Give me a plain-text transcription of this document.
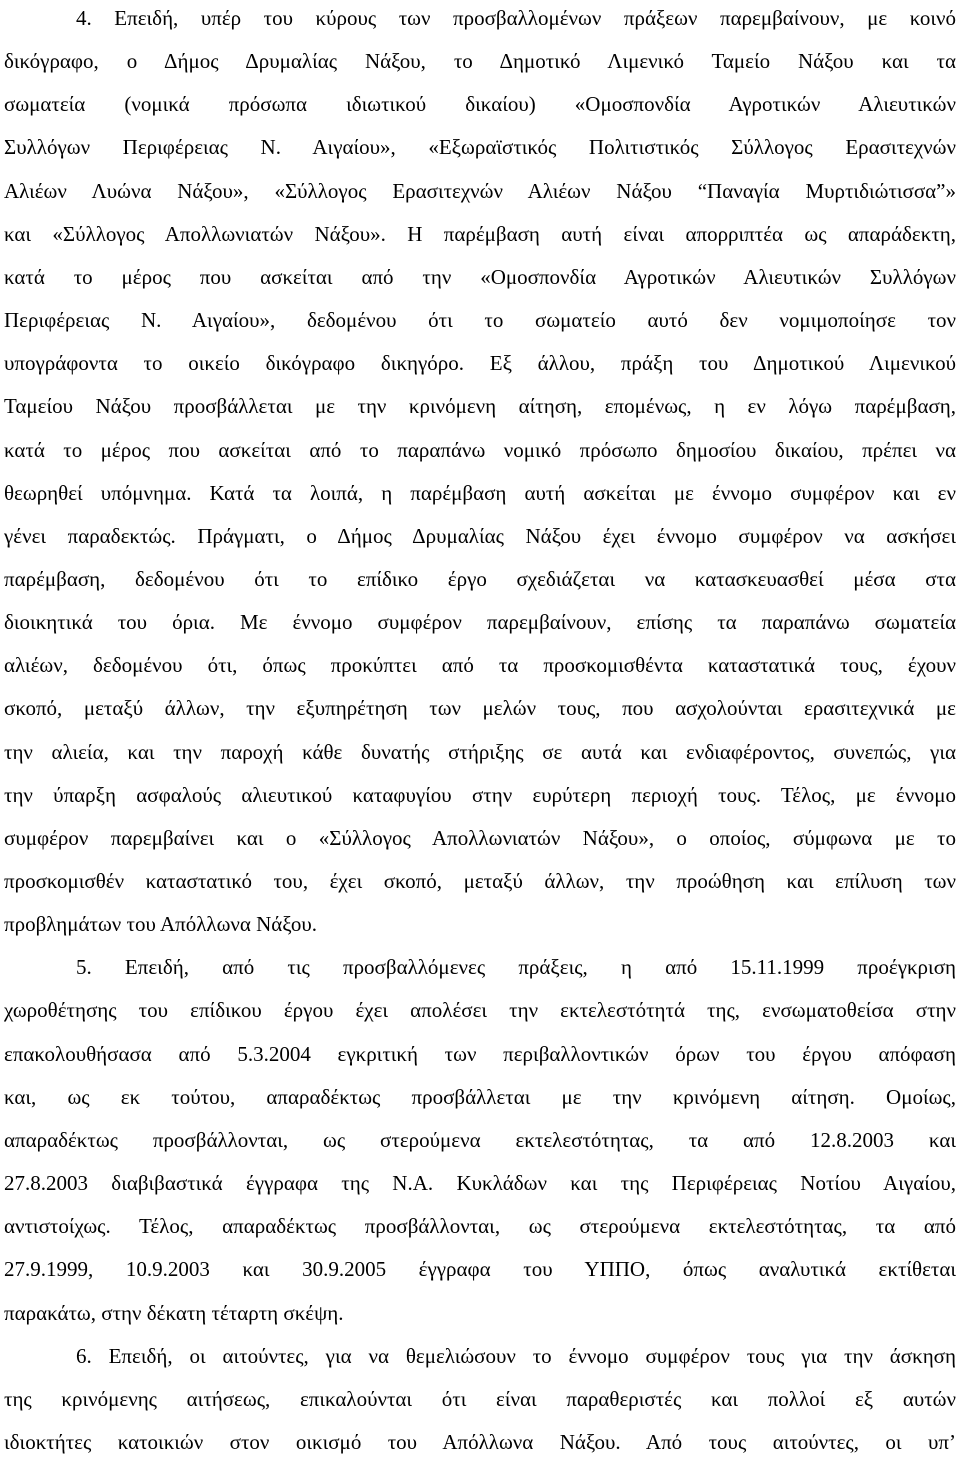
4. Επειδή, υπέρ του κύρους των προσβαλλομένων πράξεων παρεμβαίνουν, με κοινό
δικόγραφο, ο Δήμος Δρυμαλίας Νάξου, το Δημοτικό Λιμενικό Ταμείο Νάξου και τα
σωματεία (νομικά πρόσωπα ιδιωτικού δικαίου) «Ομοσπονδία Αγροτικών Αλιευτικών
Συλλόγων Περιφέρειας Ν. Αιγαίου», «Εξωραϊστικός Πολιτιστικός Σύλλογος Ερασιτεχνών
Αλιέων Λυώνα Νάξου», «Σύλλογος Ερασιτεχνών Αλιέων Νάξου “Παναγία Μυρτιδιώτισσα”»
και «Σύλλογος Απολλωνιατών Νάξου». Η παρέμβαση αυτή είναι απορριπτέα ως απαράδεκτη,
κατά το μέρος που ασκείται από την «Ομοσπονδία Αγροτικών Αλιευτικών Συλλόγων
Περιφέρειας Ν. Αιγαίου», δεδομένου ότι το σωματείο αυτό δεν νομιμοποίησε τον
υπογράφοντα το οικείο δικόγραφο δικηγόρο. Εξ άλλου, πράξη του Δημοτικού Λιμενικού
Ταμείου Νάξου προσβάλλεται με την κρινόμενη αίτηση, επομένως, η εν λόγω παρέμβαση,
κατά το μέρος που ασκείται από το παραπάνω νομικό πρόσωπο δημοσίου δικαίου, πρέπει να
θεωρηθεί υπόμνημα. Κατά τα λοιπά, η παρέμβαση αυτή ασκείται με έννομο συμφέρον και εν
γένει παραδεκτώς. Πράγματι, ο Δήμος Δρυμαλίας Νάξου έχει έννομο συμφέρον να ασκήσει
παρέμβαση, δεδομένου ότι το επίδικο έργο σχεδιάζεται να κατασκευασθεί μέσα στα
διοικητικά του όρια. Με έννομο συμφέρον παρεμβαίνουν, επίσης τα παραπάνω σωματεία
αλιέων, δεδομένου ότι, όπως προκύπτει από τα προσκομισθέντα καταστατικά τους, έχουν
σκοπό, μεταξύ άλλων, την εξυπηρέτηση των μελών τους, που ασχολούνται ερασιτεχνικά με
την αλιεία, και την παροχή κάθε δυνατής στήριξης σε αυτά και ενδιαφέροντος, συνεπώς, για
την ύπαρξη ασφαλούς αλιευτικού καταφυγίου στην ευρύτερη περιοχή τους. Τέλος, με έννομο
συμφέρον παρεμβαίνει και ο «Σύλλογος Απολλωνιατών Νάξου», ο οποίος, σύμφωνα με το
προσκομισθέν καταστατικό του, έχει σκοπό, μεταξύ άλλων, την προώθηση και επίλυση των
προβλημάτων του Απόλλωνα Νάξου.
5. Επειδή, από τις προσβαλλόμενες πράξεις, η από 15.11.1999 προέγκριση
χωροθέτησης του επίδικου έργου έχει απολέσει την εκτελεστότητά της, ενσωματοθείσα στην
επακολουθήσασα από 5.3.2004 εγκριτική των περιβαλλοντικών όρων του έργου απόφαση
και, ως εκ τούτου, απαραδέκτως προσβάλλεται με την κρινόμενη αίτηση. Ομοίως,
απαραδέκτως προσβάλλονται, ως στερούμενα εκτελεστότητας, τα από 12.8.2003 και
27.8.2003 διαβιβαστικά έγγραφα της Ν.Α. Κυκλάδων και της Περιφέρειας Νοτίου Αιγαίου,
αντιστοίχως. Τέλος, απαραδέκτως προσβάλλονται, ως στερούμενα εκτελεστότητας, τα από
27.9.1999, 10.9.2003 και 30.9.2005 έγγραφα του ΥΠΠΟ, όπως αναλυτικά εκτίθεται
παρακάτω, στην δέκατη τέταρτη σκέψη.
6. Επειδή, οι αιτούντες, για να θεμελιώσουν το έννομο συμφέρον τους για την άσκηση
της κρινόμενης αιτήσεως, επικαλούνται ότι είναι παραθεριστές και πολλοί εξ αυτών
ιδιοκτήτες κατοικιών στον οικισμό του Απόλλωνα Νάξου. Από τους αιτούντες, οι υπ’
